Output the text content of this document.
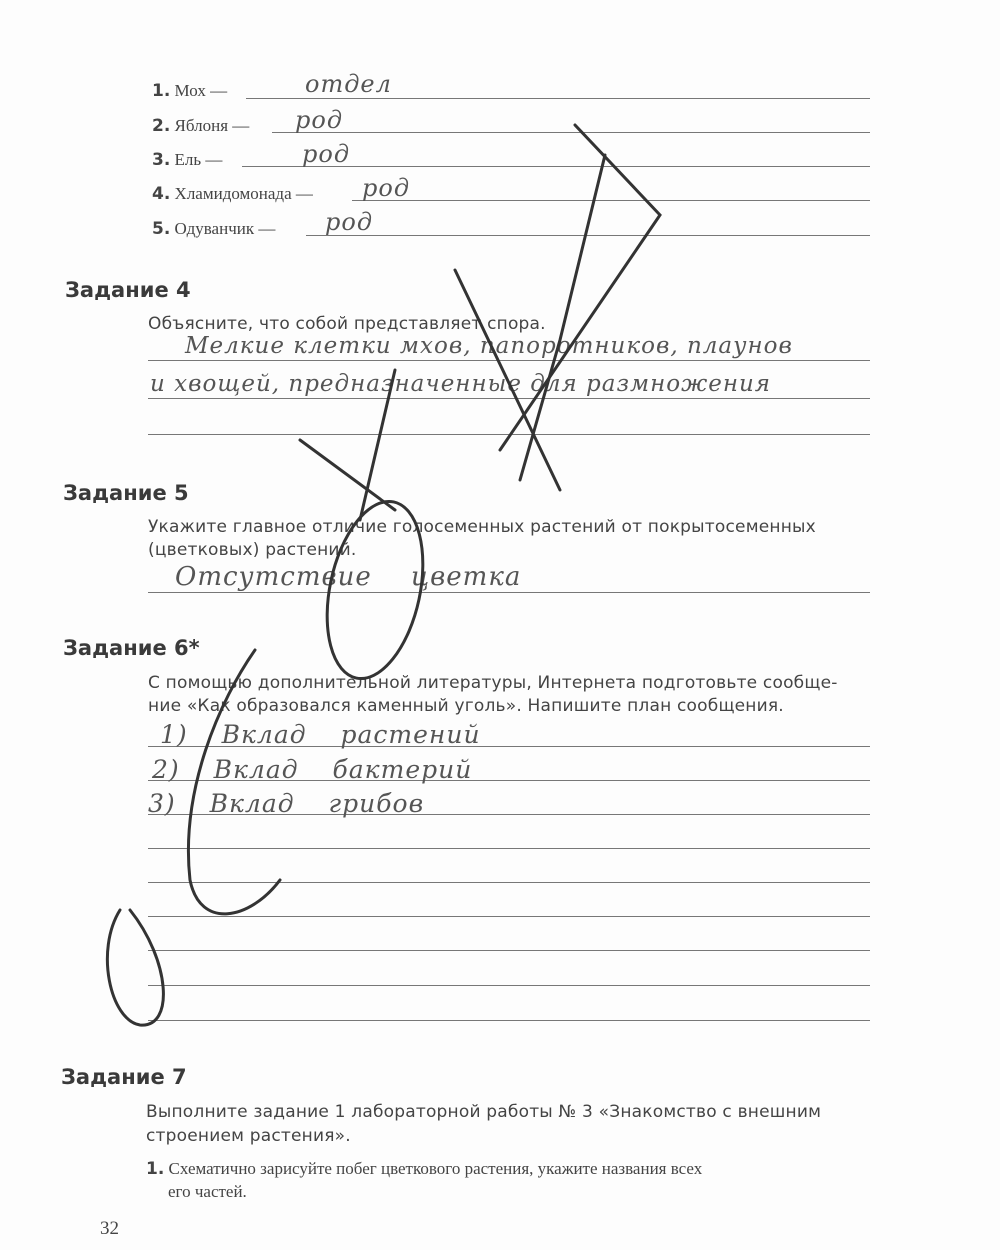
1. Мох —	отдел
2. Яблоня — род
3. Ель —	род
4. Хламидомонада — род
5. Одуванчик — род
Задание 4
Объясните, что собой представляет спора.
Мелкие клетки мхов, папоротников, плаунов
и хвощей, предназначенные для размножения
Задание 5
Укажите главное отличие голосеменных растений от покрытосеменных
(цветковых) растений.
Отсутствие цветка
Задание 6*
С помощью дополнительной литературы, Интернета подготовьте сообще-
ние «Как образовался каменный уголь». Напишите план сообщения.
1) Вклад растений
2) Вклад бактерий
3) Вклад грибов
Задание 7
Выполните задание 1 лабораторной работы № 3 «Знакомство с внешним
строением растения».
1. Схематично зарисуйте побег цветкового растения, укажите названия всех
его частей.
32
